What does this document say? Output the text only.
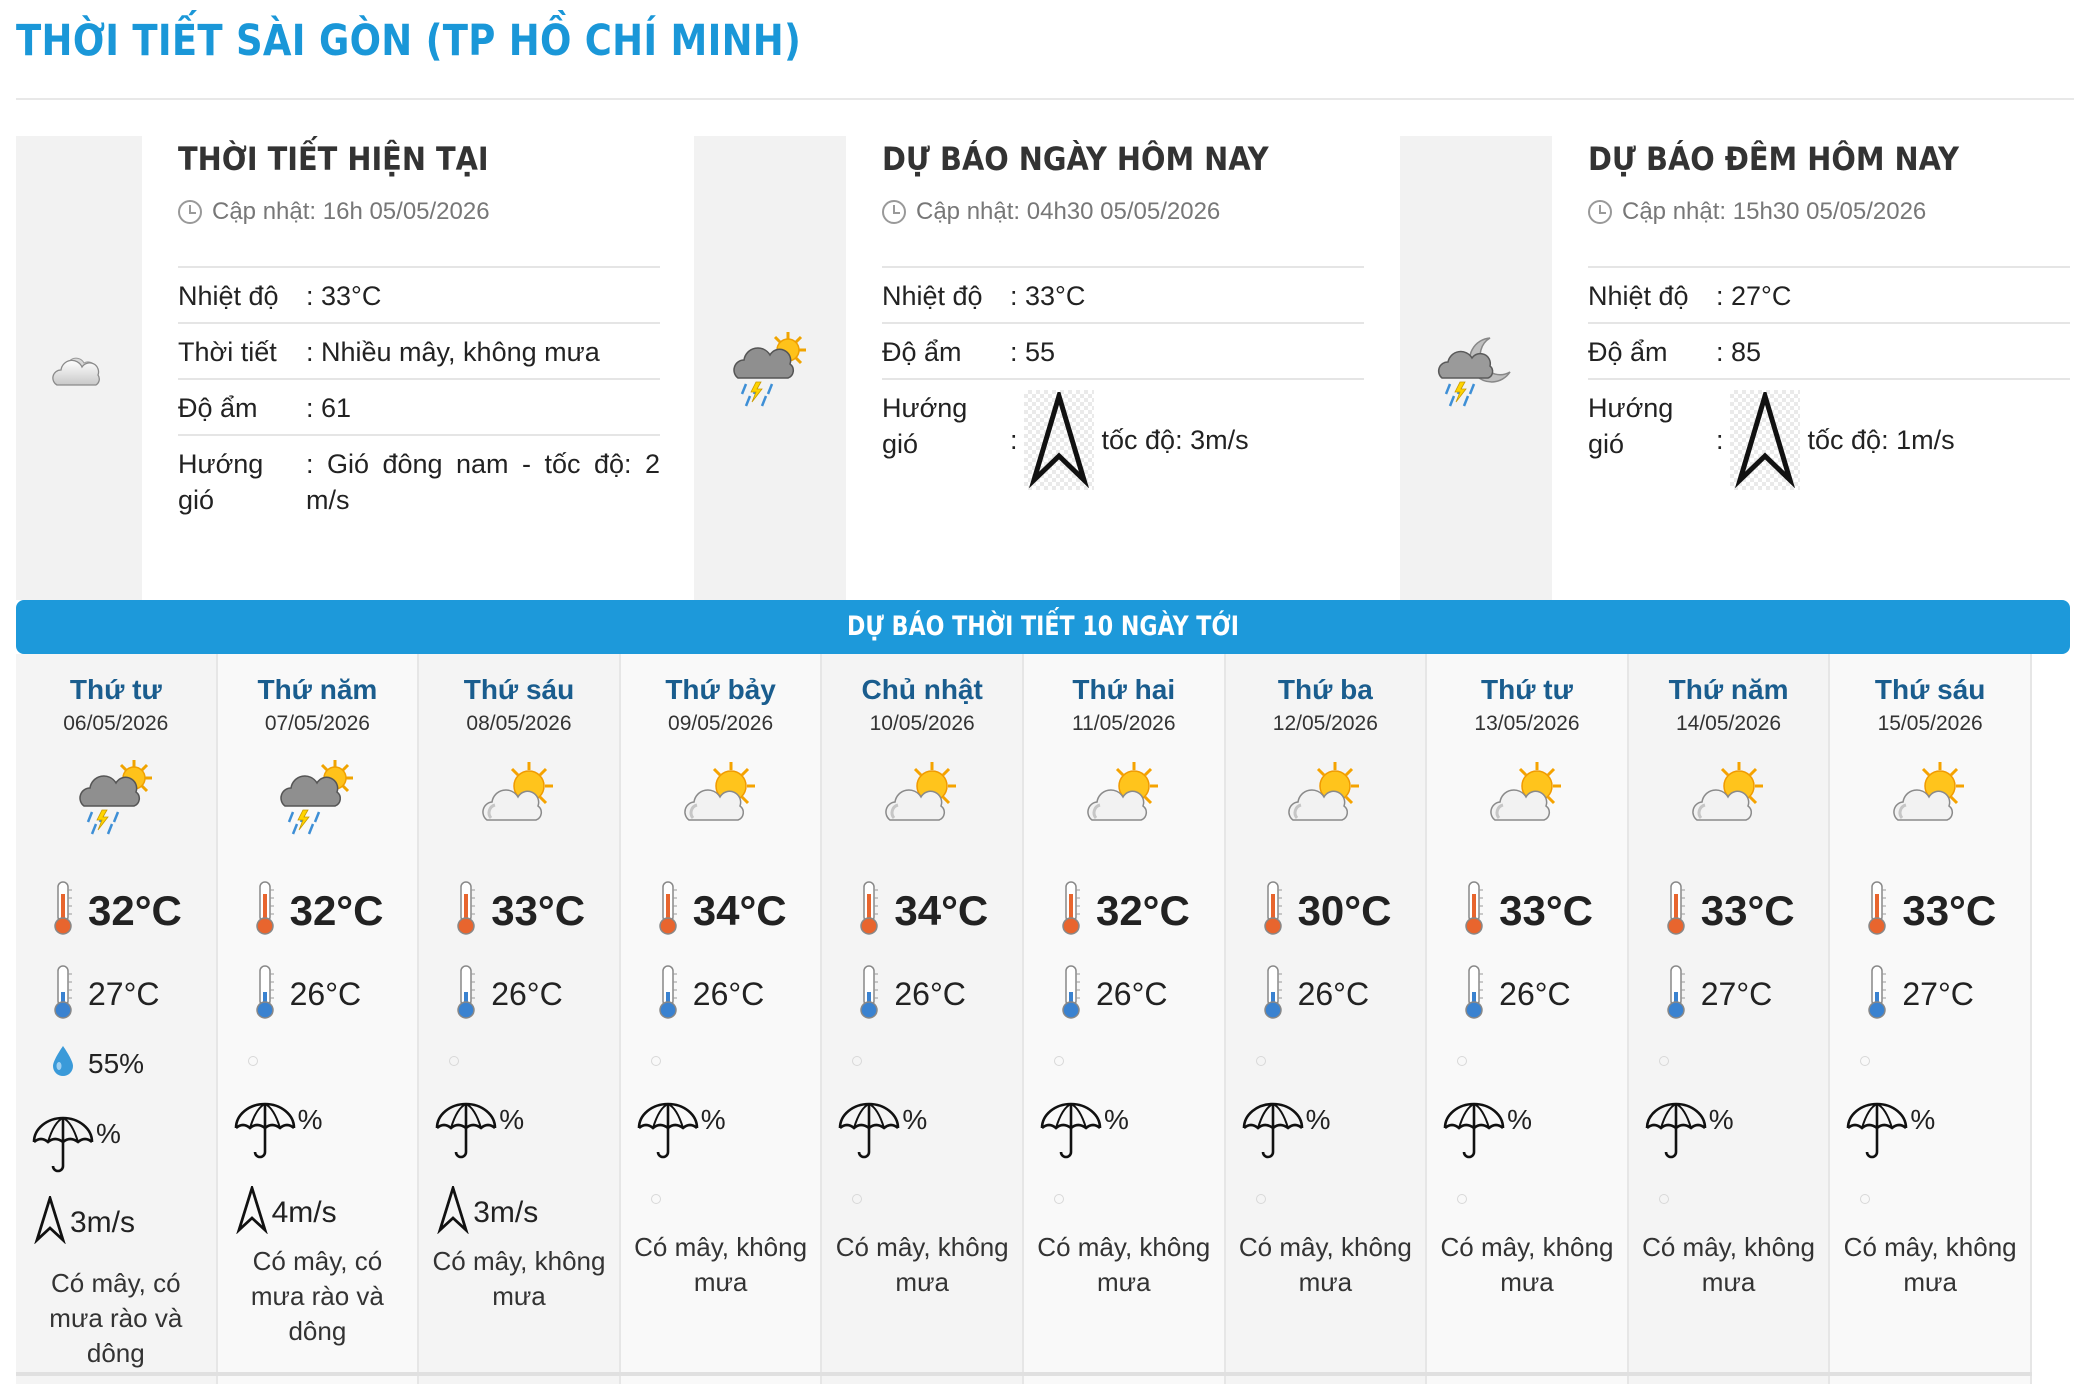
THỜI TIẾT SÀI GÒN (TP HỒ CHÍ MINH)
THỜI TIẾT HIỆN TẠI
Cập nhật: 16h 05/05/2026
Nhiệt độ	: 33°C
Thời tiết	: Nhiều mây, không mưa
Độ ẩm	: 61
Hướng gió
: Gió đông nam - tốc độ: 2 m/s
DỰ BÁO NGÀY HÔM NAY
Cập nhật: 04h30 05/05/2026
Nhiệt độ	: 33°C
Độ ẩm	: 55
Hướng gió	:	tốc độ: 3m/s
DỰ BÁO ĐÊM HÔM NAY
Cập nhật: 15h30 05/05/2026
Nhiệt độ	: 27°C
Độ ẩm	: 85
Hướng gió	:	tốc độ: 1m/s
DỰ BÁO THỜI TIẾT 10 NGÀY TỚI
Thứ tư
06/05/2026
32°C
27°C
55%
%
3m/s
Có mây, có mưa rào và dông
Thứ năm
07/05/2026
32°C
26°C
%
4m/s
Có mây, có mưa rào và dông
Thứ sáu
08/05/2026
33°C
26°C
%
3m/s
Có mây, không mưa
Thứ bảy
09/05/2026
34°C
26°C
%
Có mây, không mưa
Chủ nhật
10/05/2026
34°C
26°C
%
Có mây, không mưa
Thứ hai
11/05/2026
32°C
26°C
%
Có mây, không mưa
Thứ ba
12/05/2026
30°C
26°C
%
Có mây, không mưa
Thứ tư
13/05/2026
33°C
26°C
%
Có mây, không mưa
Thứ năm
14/05/2026
33°C
27°C
%
Có mây, không mưa
Thứ sáu
15/05/2026
33°C
27°C
%
Có mây, không mưa
